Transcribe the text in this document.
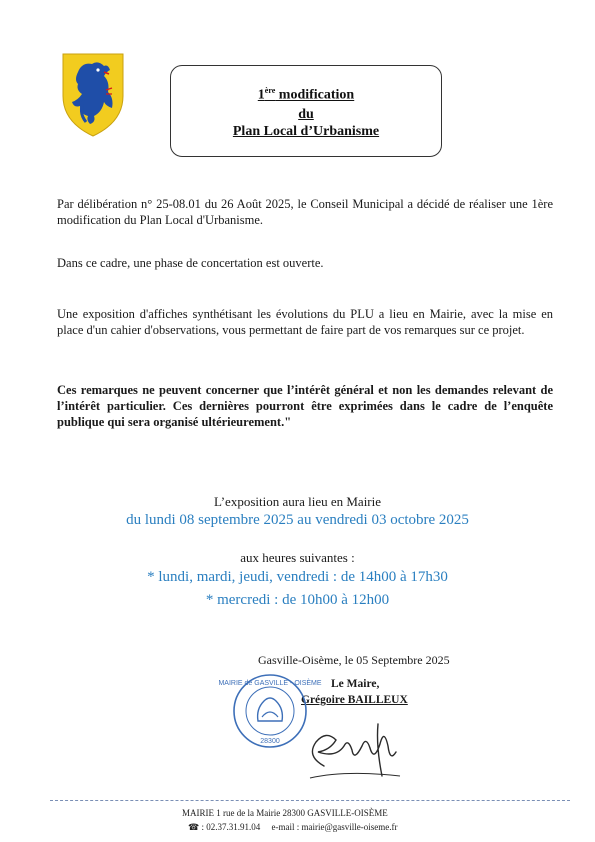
1ère modification
du
Plan Local d’Urbanisme
Par délibération n° 25-08.01 du 26 Août 2025, le Conseil Municipal a décidé de réaliser une 1ère modification du Plan Local d'Urbanisme.
Dans ce cadre, une phase de concertation est ouverte.
Une exposition d'affiches synthétisant les évolutions du PLU a lieu en Mairie, avec la mise en place d'un cahier d'observations, vous permettant de faire part de vos remarques sur ce projet.
Ces remarques ne peuvent concerner que l’intérêt général et non les demandes relevant de l’intérêt particulier. Ces dernières pourront être exprimées dans le cadre de l’enquête publique qui sera organisé ultérieurement."
L’exposition aura lieu en Mairie
du lundi 08 septembre 2025 au vendredi 03 octobre 2025
aux heures suivantes :
* lundi, mardi, jeudi, vendredi : de 14h00 à 17h30
* mercredi : de 10h00 à 12h00
Gasville-Oisème, le 05 Septembre 2025
Le Maire,
Grégoire BAILLEUX
MAIRIE de GASVILLE - OISÈME
28300
MAIRIE 1 rue de la Mairie 28300 GASVILLE-OISÈME
☎ : 02.37.31.91.04 e-mail : mairie@gasville-oiseme.fr
